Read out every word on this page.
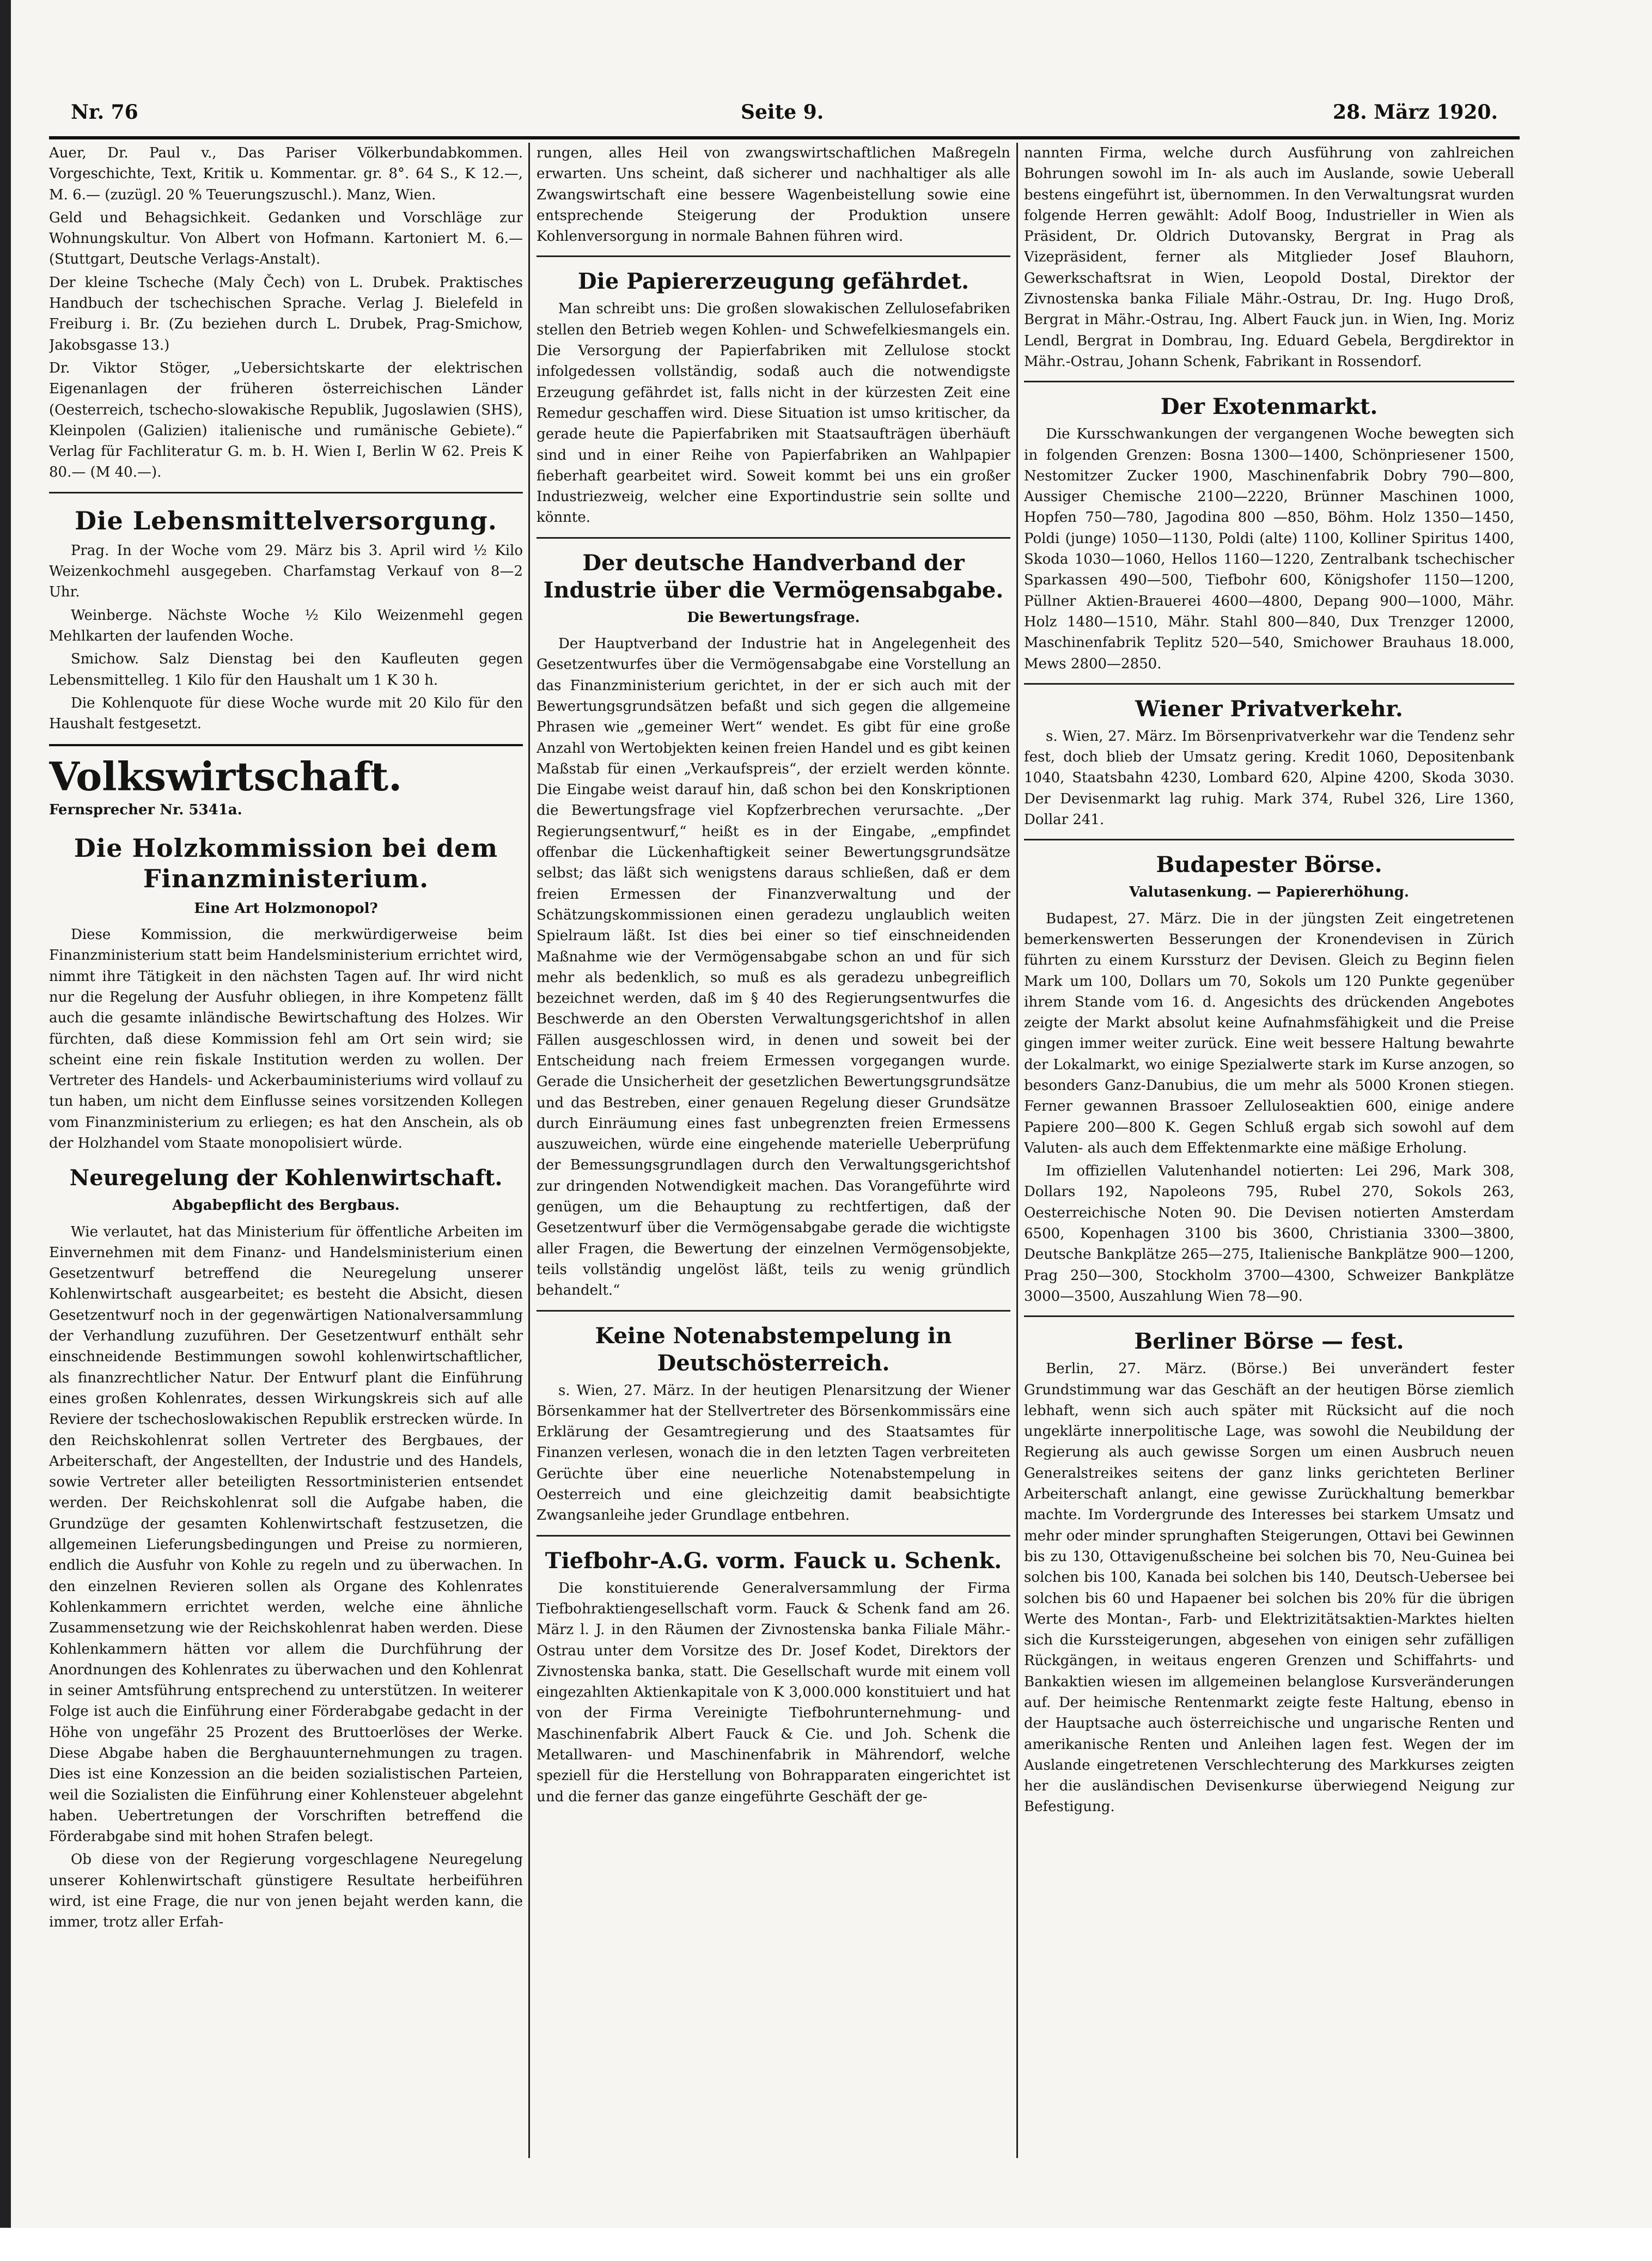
Nr. 76	Seite 9.	28. März 1920.

Auer, Dr. Paul v., Das Pariser Völkerbundabkommen. Vorgeschichte, Text, Kritik u. Kommentar. gr. 8°. 64 S., K 12.—, M. 6.— (zuzügl. 20 % Teuerungszuschl.). Manz, Wien.

Geld und Behagsichkeit. Gedanken und Vorschläge zur Wohnungskultur. Von Albert von Hofmann. Kartoniert M. 6.— (Stuttgart, Deutsche Verlags-Anstalt).

Der kleine Tscheche (Maly Čech) von L. Drubek. Praktisches Handbuch der tschechischen Sprache. Verlag J. Bielefeld in Freiburg i. Br. (Zu beziehen durch L. Drubek, Prag-Smichow, Jakobsgasse 13.)

Dr. Viktor Stöger, „Uebersichtskarte der elektrischen Eigenanlagen der früheren österreichischen Länder (Oesterreich, tschecho-slowakische Republik, Jugoslawien (SHS), Kleinpolen (Galizien) italienische und rumänische Gebiete).“ Verlag für Fachliteratur G. m. b. H. Wien I, Berlin W 62. Preis K 80.— (M 40.—).

Die Lebensmittelversorgung.

Prag. In der Woche vom 29. März bis 3. April wird ½ Kilo Weizenkochmehl ausgegeben. Charfamstag Verkauf von 8—2 Uhr.

Weinberge. Nächste Woche ½ Kilo Weizenmehl gegen Mehlkarten der laufenden Woche.

Smichow. Salz Dienstag bei den Kaufleuten gegen Lebensmittelleg. 1 Kilo für den Haushalt um 1 K 30 h.

Die Kohlenquote für diese Woche wurde mit 20 Kilo für den Haushalt festgesetzt.

Volkswirtschaft.

Fernsprecher Nr. 5341a.

Die Holzkommission bei dem Finanzministerium.

Eine Art Holzmonopol?

Diese Kommission, die merkwürdigerweise beim Finanzministerium statt beim Handelsministerium errichtet wird, nimmt ihre Tätigkeit in den nächsten Tagen auf. Ihr wird nicht nur die Regelung der Ausfuhr obliegen, in ihre Kompetenz fällt auch die gesamte inländische Bewirtschaftung des Holzes. Wir fürchten, daß diese Kommission fehl am Ort sein wird; sie scheint eine rein fiskale Institution werden zu wollen. Der Vertreter des Handels- und Ackerbauministeriums wird vollauf zu tun haben, um nicht dem Einflusse seines vorsitzenden Kollegen vom Finanzministerium zu erliegen; es hat den Anschein, als ob der Holzhandel vom Staate monopolisiert würde.

Neuregelung der Kohlenwirtschaft.

Abgabepflicht des Bergbaus.

Wie verlautet, hat das Ministerium für öffentliche Arbeiten im Einvernehmen mit dem Finanz- und Handelsministerium einen Gesetzentwurf betreffend die Neuregelung unserer Kohlenwirtschaft ausgearbeitet; es besteht die Absicht, diesen Gesetzentwurf noch in der gegenwärtigen Nationalversammlung der Verhandlung zuzuführen. Der Gesetzentwurf enthält sehr einschneidende Bestimmungen sowohl kohlenwirtschaftlicher, als finanzrechtlicher Natur. Der Entwurf plant die Einführung eines großen Kohlenrates, dessen Wirkungskreis sich auf alle Reviere der tschechoslowakischen Republik erstrecken würde. In den Reichskohlenrat sollen Vertreter des Bergbaues, der Arbeiterschaft, der Angestellten, der Industrie und des Handels, sowie Vertreter aller beteiligten Ressortministerien entsendet werden. Der Reichskohlenrat soll die Aufgabe haben, die Grundzüge der gesamten Kohlenwirtschaft festzusetzen, die allgemeinen Lieferungsbedingungen und Preise zu normieren, endlich die Ausfuhr von Kohle zu regeln und zu überwachen. In den einzelnen Revieren sollen als Organe des Kohlenrates Kohlenkammern errichtet werden, welche eine ähnliche Zusammensetzung wie der Reichskohlenrat haben werden. Diese Kohlenkammern hätten vor allem die Durchführung der Anordnungen des Kohlenrates zu überwachen und den Kohlenrat in seiner Amtsführung entsprechend zu unterstützen. In weiterer Folge ist auch die Einführung einer Förderabgabe gedacht in der Höhe von ungefähr 25 Prozent des Bruttoerlöses der Werke. Diese Abgabe haben die Berghauunternehmungen zu tragen. Dies ist eine Konzession an die beiden sozialistischen Parteien, weil die Sozialisten die Einführung einer Kohlensteuer abgelehnt haben. Uebertretungen der Vorschriften betreffend die Förderabgabe sind mit hohen Strafen belegt.

Ob diese von der Regierung vorgeschlagene Neuregelung unserer Kohlenwirtschaft günstigere Resultate herbeiführen wird, ist eine Frage, die nur von jenen bejaht werden kann, die immer, trotz aller Erfah-

rungen, alles Heil von zwangswirtschaftlichen Maßregeln erwarten. Uns scheint, daß sicherer und nachhaltiger als alle Zwangswirtschaft eine bessere Wagenbeistellung sowie eine entsprechende Steigerung der Produktion unsere Kohlenversorgung in normale Bahnen führen wird.

Die Papiererzeugung gefährdet.

Man schreibt uns: Die großen slowakischen Zellulosefabriken stellen den Betrieb wegen Kohlen- und Schwefelkiesmangels ein. Die Versorgung der Papierfabriken mit Zellulose stockt infolgedessen vollständig, sodaß auch die notwendigste Erzeugung gefährdet ist, falls nicht in der kürzesten Zeit eine Remedur geschaffen wird. Diese Situation ist umso kritischer, da gerade heute die Papierfabriken mit Staatsaufträgen überhäuft sind und in einer Reihe von Papierfabriken an Wahlpapier fieberhaft gearbeitet wird. Soweit kommt bei uns ein großer Industriezweig, welcher eine Exportindustrie sein sollte und könnte.

Der deutsche Handverband der Industrie über die Vermögensabgabe.

Die Bewertungsfrage.

Der Hauptverband der Industrie hat in Angelegenheit des Gesetzentwurfes über die Vermögensabgabe eine Vorstellung an das Finanzministerium gerichtet, in der er sich auch mit der Bewertungsgrundsätzen befaßt und sich gegen die allgemeine Phrasen wie „gemeiner Wert“ wendet. Es gibt für eine große Anzahl von Wertobjekten keinen freien Handel und es gibt keinen Maßstab für einen „Verkaufspreis“, der erzielt werden könnte. Die Eingabe weist darauf hin, daß schon bei den Konskriptionen die Bewertungsfrage viel Kopfzerbrechen verursachte. „Der Regierungsentwurf,“ heißt es in der Eingabe, „empfindet offenbar die Lückenhaftigkeit seiner Bewertungsgrundsätze selbst; das läßt sich wenigstens daraus schließen, daß er dem freien Ermessen der Finanzverwaltung und der Schätzungskommissionen einen geradezu unglaublich weiten Spielraum läßt. Ist dies bei einer so tief einschneidenden Maßnahme wie der Vermögensabgabe schon an und für sich mehr als bedenklich, so muß es als geradezu unbegreiflich bezeichnet werden, daß im § 40 des Regierungsentwurfes die Beschwerde an den Obersten Verwaltungsgerichtshof in allen Fällen ausgeschlossen wird, in denen und soweit bei der Entscheidung nach freiem Ermessen vorgegangen wurde. Gerade die Unsicherheit der gesetzlichen Bewertungsgrundsätze und das Bestreben, einer genauen Regelung dieser Grundsätze durch Einräumung eines fast unbegrenzten freien Ermessens auszuweichen, würde eine eingehende materielle Ueberprüfung der Bemessungsgrundlagen durch den Verwaltungsgerichtshof zur dringenden Notwendigkeit machen. Das Vorangeführte wird genügen, um die Behauptung zu rechtfertigen, daß der Gesetzentwurf über die Vermögensabgabe gerade die wichtigste aller Fragen, die Bewertung der einzelnen Vermögensobjekte, teils vollständig ungelöst läßt, teils zu wenig gründlich behandelt.“

Keine Notenabstempelung in Deutschösterreich.

s. Wien, 27. März. In der heutigen Plenarsitzung der Wiener Börsenkammer hat der Stellvertreter des Börsenkommissärs eine Erklärung der Gesamtregierung und des Staatsamtes für Finanzen verlesen, wonach die in den letzten Tagen verbreiteten Gerüchte über eine neuerliche Notenabstempelung in Oesterreich und eine gleichzeitig damit beabsichtigte Zwangsanleihe jeder Grundlage entbehren.

Tiefbohr-A.G. vorm. Fauck u. Schenk.

Die konstituierende Generalversammlung der Firma Tiefbohraktiengesellschaft vorm. Fauck & Schenk fand am 26. März l. J. in den Räumen der Zivnostenska banka Filiale Mähr.-Ostrau unter dem Vorsitze des Dr. Josef Kodet, Direktors der Zivnostenska banka, statt. Die Gesellschaft wurde mit einem voll eingezahlten Aktienkapitale von K 3,000.000 konstituiert und hat von der Firma Vereinigte Tiefbohrunternehmung- und Maschinenfabrik Albert Fauck & Cie. und Joh. Schenk die Metallwaren- und Maschinenfabrik in Mährendorf, welche speziell für die Herstellung von Bohrapparaten eingerichtet ist und die ferner das ganze eingeführte Geschäft der ge-

nannten Firma, welche durch Ausführung von zahlreichen Bohrungen sowohl im In- als auch im Auslande, sowie Ueberall bestens eingeführt ist, übernommen. In den Verwaltungsrat wurden folgende Herren gewählt: Adolf Boog, Industrieller in Wien als Präsident, Dr. Oldrich Dutovansky, Bergrat in Prag als Vizepräsident, ferner als Mitglieder Josef Blauhorn, Gewerkschaftsrat in Wien, Leopold Dostal, Direktor der Zivnostenska banka Filiale Mähr.-Ostrau, Dr. Ing. Hugo Droß, Bergrat in Mähr.-Ostrau, Ing. Albert Fauck jun. in Wien, Ing. Moriz Lendl, Bergrat in Dombrau, Ing. Eduard Gebela, Bergdirektor in Mähr.-Ostrau, Johann Schenk, Fabrikant in Rossendorf.

Der Exotenmarkt.

Die Kursschwankungen der vergangenen Woche bewegten sich in folgenden Grenzen: Bosna 1300—1400, Schönpriesener 1500, Nestomitzer Zucker 1900, Maschinenfabrik Dobry 790—800, Aussiger Chemische 2100—2220, Brünner Maschinen 1000, Hopfen 750—780, Jagodina 800 —850, Böhm. Holz 1350—1450, Poldi (junge) 1050—1130, Poldi (alte) 1100, Kolliner Spiritus 1400, Skoda 1030—1060, Hellos 1160—1220, Zentralbank tschechischer Sparkassen 490—500, Tiefbohr 600, Königshofer 1150—1200, Püllner Aktien-Brauerei 4600—4800, Depang 900—1000, Mähr. Holz 1480—1510, Mähr. Stahl 800—840, Dux Trenzger 12000, Maschinenfabrik Teplitz 520—540, Smichower Brauhaus 18.000, Mews 2800—2850.

Wiener Privatverkehr.

s. Wien, 27. März. Im Börsenprivatverkehr war die Tendenz sehr fest, doch blieb der Umsatz gering. Kredit 1060, Depositenbank 1040, Staatsbahn 4230, Lombard 620, Alpine 4200, Skoda 3030. Der Devisenmarkt lag ruhig. Mark 374, Rubel 326, Lire 1360, Dollar 241.

Budapester Börse.

Valutasenkung. — Papiererhöhung.

Budapest, 27. März. Die in der jüngsten Zeit eingetretenen bemerkenswerten Besserungen der Kronendevisen in Zürich führten zu einem Kurssturz der Devisen. Gleich zu Beginn fielen Mark um 100, Dollars um 70, Sokols um 120 Punkte gegenüber ihrem Stande vom 16. d. Angesichts des drückenden Angebotes zeigte der Markt absolut keine Aufnahmsfähigkeit und die Preise gingen immer weiter zurück. Eine weit bessere Haltung bewahrte der Lokalmarkt, wo einige Spezialwerte stark im Kurse anzogen, so besonders Ganz-Danubius, die um mehr als 5000 Kronen stiegen. Ferner gewannen Brassoer Zelluloseaktien 600, einige andere Papiere 200—800 K. Gegen Schluß ergab sich sowohl auf dem Valuten- als auch dem Effektenmarkte eine mäßige Erholung.

Im offiziellen Valutenhandel notierten: Lei 296, Mark 308, Dollars 192, Napoleons 795, Rubel 270, Sokols 263, Oesterreichische Noten 90. Die Devisen notierten Amsterdam 6500, Kopenhagen 3100 bis 3600, Christiania 3300—3800, Deutsche Bankplätze 265—275, Italienische Bankplätze 900—1200, Prag 250—300, Stockholm 3700—4300, Schweizer Bankplätze 3000—3500, Auszahlung Wien 78—90.

Berliner Börse — fest.

Berlin, 27. März. (Börse.) Bei unverändert fester Grundstimmung war das Geschäft an der heutigen Börse ziemlich lebhaft, wenn sich auch später mit Rücksicht auf die noch ungeklärte innerpolitische Lage, was sowohl die Neubildung der Regierung als auch gewisse Sorgen um einen Ausbruch neuen Generalstreikes seitens der ganz links gerichteten Berliner Arbeiterschaft anlangt, eine gewisse Zurückhaltung bemerkbar machte. Im Vordergrunde des Interesses bei starkem Umsatz und mehr oder minder sprunghaften Steigerungen, Ottavi bei Gewinnen bis zu 130, Ottavigenußscheine bei solchen bis 70, Neu-Guinea bei solchen bis 100, Kanada bei solchen bis 140, Deutsch-Uebersee bei solchen bis 60 und Hapaener bei solchen bis 20% für die übrigen Werte des Montan-, Farb- und Elektrizitätsaktien-Marktes hielten sich die Kurssteigerungen, abgesehen von einigen sehr zufälligen Rückgängen, in weitaus engeren Grenzen und Schiffahrts- und Bankaktien wiesen im allgemeinen belanglose Kursveränderungen auf. Der heimische Rentenmarkt zeigte feste Haltung, ebenso in der Hauptsache auch österreichische und ungarische Renten und amerikanische Renten und Anleihen lagen fest. Wegen der im Auslande eingetretenen Verschlechterung des Markkurses zeigten her die ausländischen Devisenkurse überwiegend Neigung zur Befestigung.
